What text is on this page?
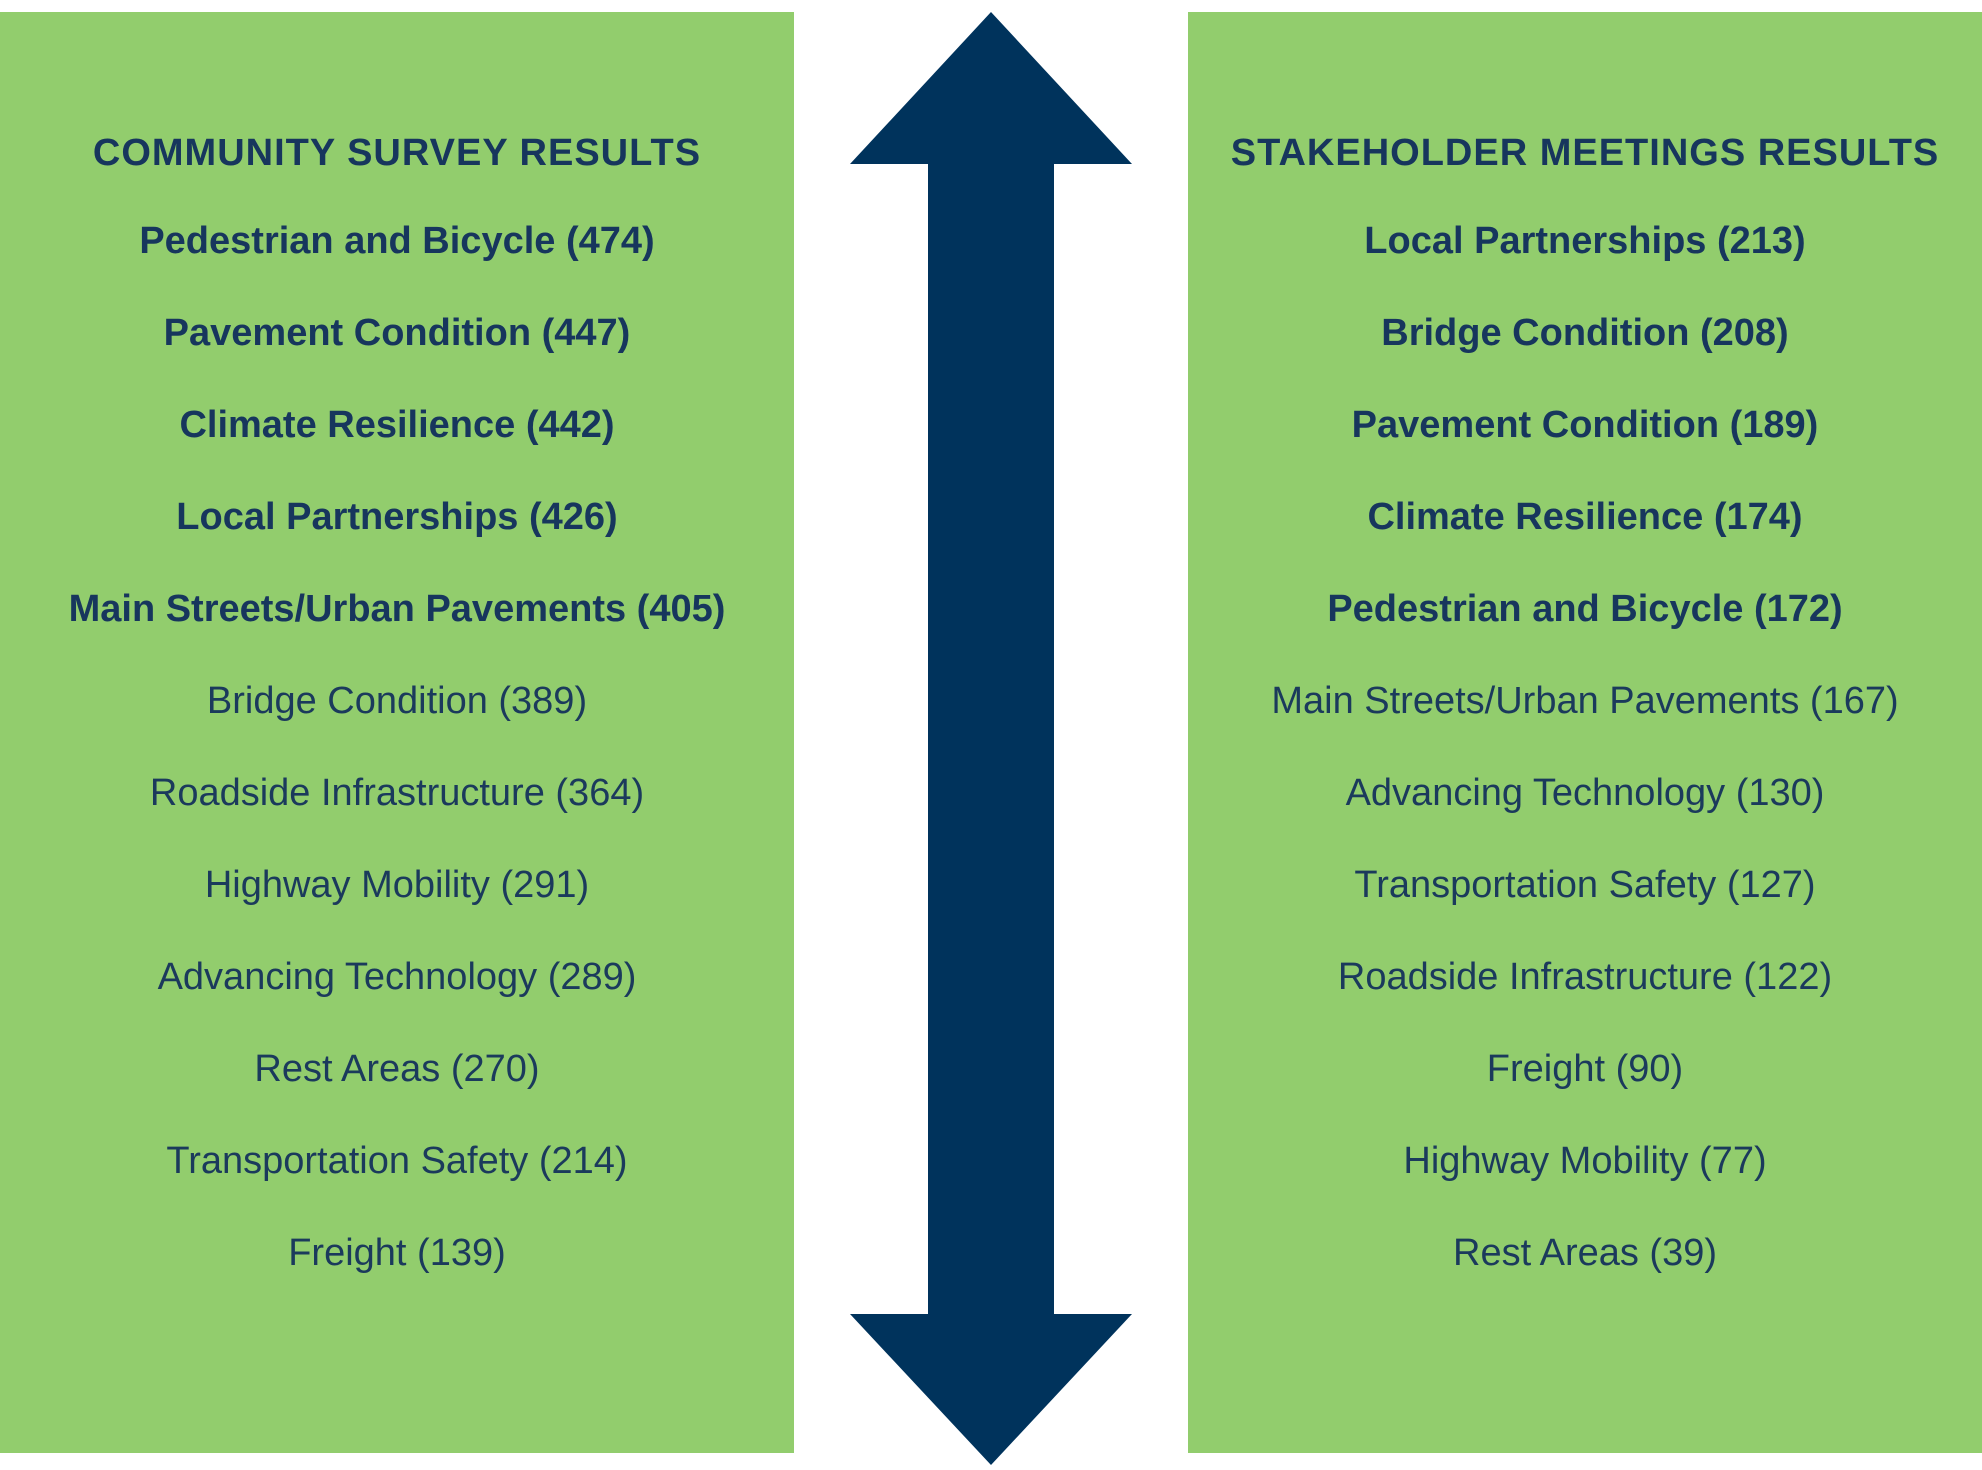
COMMUNITY SURVEY RESULTS
Pedestrian and Bicycle (474)
Pavement Condition (447)
Climate Resilience (442)
Local Partnerships (426)
Main Streets/Urban Pavements (405)
Bridge Condition (389)
Roadside Infrastructure (364)
Highway Mobility (291)
Advancing Technology (289)
Rest Areas (270)
Transportation Safety (214)
Freight (139)
STAKEHOLDER MEETINGS RESULTS
Local Partnerships (213)
Bridge Condition (208)
Pavement Condition (189)
Climate Resilience (174)
Pedestrian and Bicycle (172)
Main Streets/Urban Pavements (167)
Advancing Technology (130)
Transportation Safety (127)
Roadside Infrastructure (122)
Freight (90)
Highway Mobility (77)
Rest Areas (39)
